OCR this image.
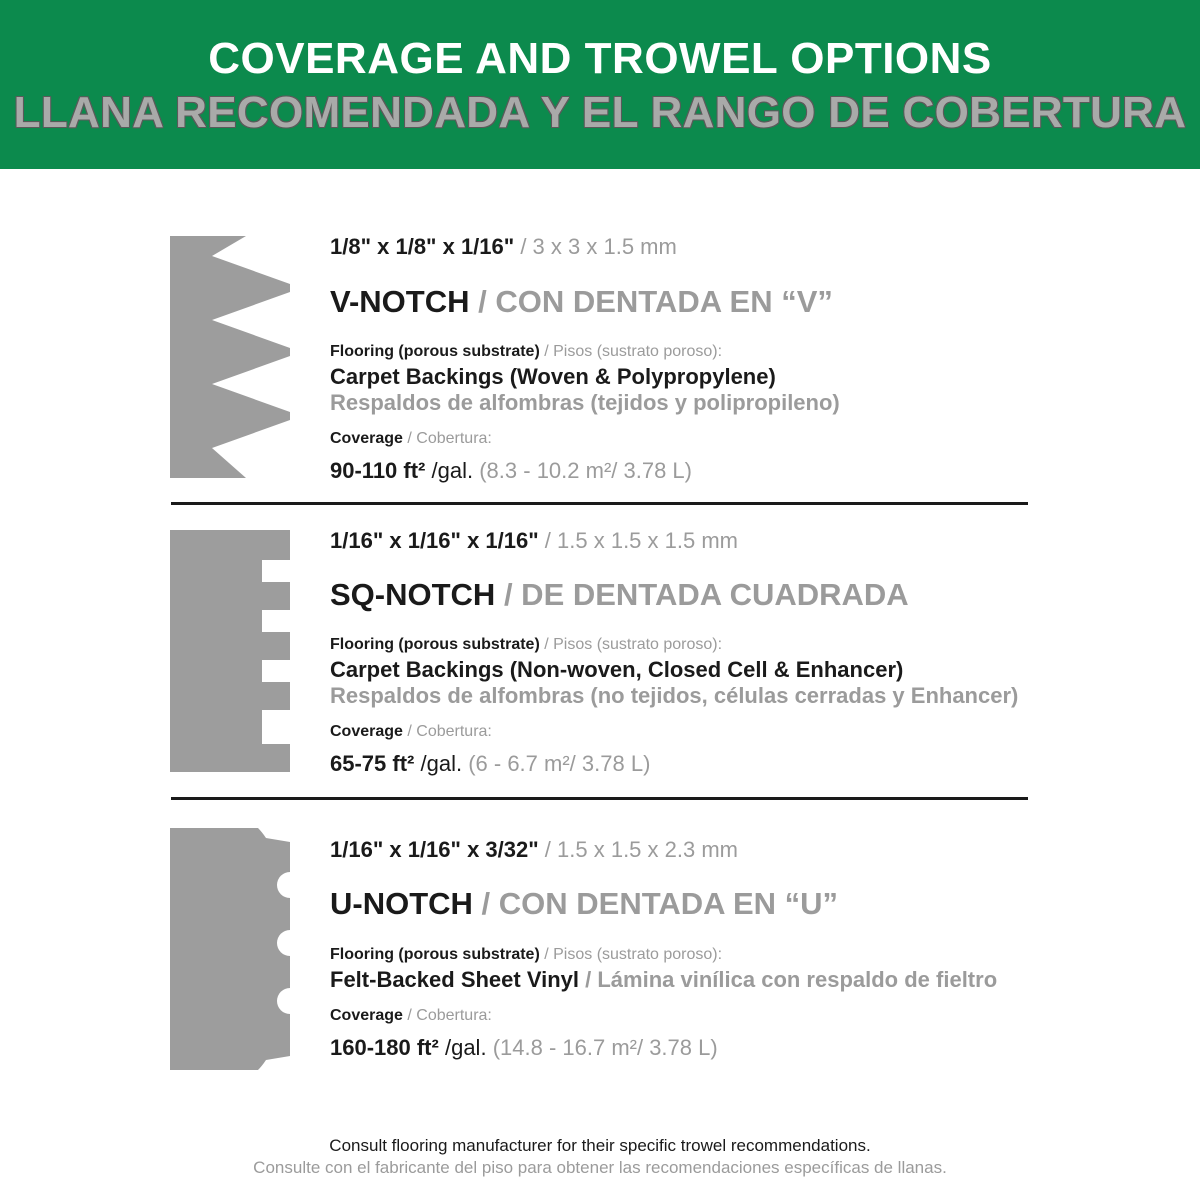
COVERAGE AND TROWEL OPTIONS
LLANA RECOMENDADA Y EL RANGO DE COBERTURA
1/8" x 1/8" x 1/16" / 3 x 3 x 1.5 mm
V-NOTCH / CON DENTADA EN “V”
Flooring (porous substrate) / Pisos (sustrato poroso):
Carpet Backings (Woven & Polypropylene)
Respaldos de alfombras (tejidos y polipropileno)
Coverage / Cobertura:
90-110 ft² /gal. (8.3 - 10.2 m²/ 3.78 L)
1/16" x 1/16" x 1/16" / 1.5 x 1.5 x 1.5 mm
SQ-NOTCH / DE DENTADA CUADRADA
Flooring (porous substrate) / Pisos (sustrato poroso):
Carpet Backings (Non-woven, Closed Cell & Enhancer)
Respaldos de alfombras (no tejidos, células cerradas y Enhancer)
Coverage / Cobertura:
65-75 ft² /gal. (6 - 6.7 m²/ 3.78 L)
1/16" x 1/16" x 3/32" / 1.5 x 1.5 x 2.3 mm
U-NOTCH / CON DENTADA EN “U”
Flooring (porous substrate) / Pisos (sustrato poroso):
Felt-Backed Sheet Vinyl / Lámina vinílica con respaldo de fieltro
Coverage / Cobertura:
160-180 ft² /gal. (14.8 - 16.7 m²/ 3.78 L)
Consult flooring manufacturer for their specific trowel recommendations.
Consulte con el fabricante del piso para obtener las recomendaciones específicas de llanas.
